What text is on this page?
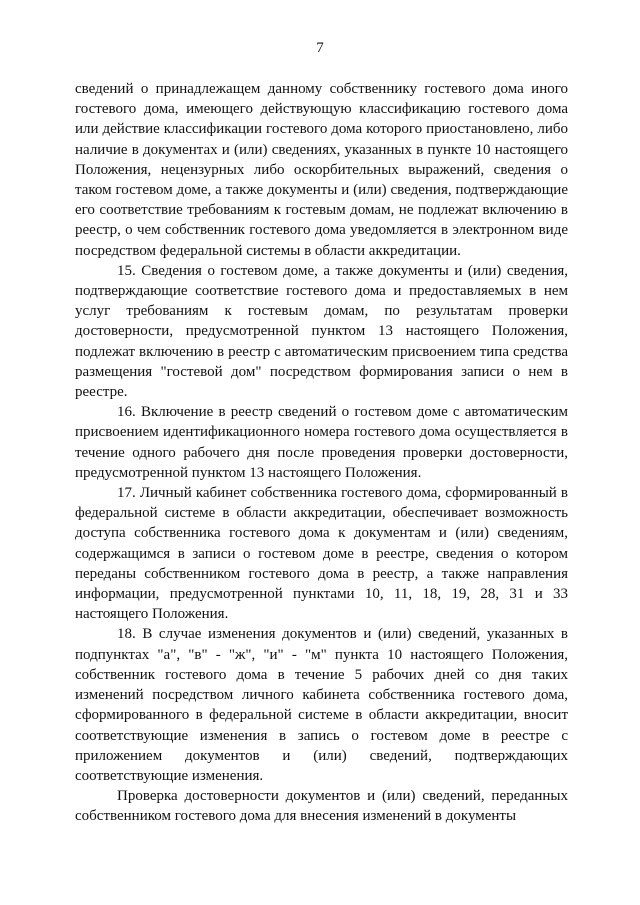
7

сведений о принадлежащем данному собственнику гостевого дома иного гостевого дома, имеющего действующую классификацию гостевого дома или действие классификации гостевого дома которого приостановлено, либо наличие в документах и (или) сведениях, указанных в пункте 10 настоящего Положения, нецензурных либо оскорбительных выражений, сведения о таком гостевом доме, а также документы и (или) сведения, подтверждающие его соответствие требованиям к гостевым домам, не подлежат включению в реестр, о чем собственник гостевого дома уведомляется в электронном виде посредством федеральной системы в области аккредитации.

15. Сведения о гостевом доме, а также документы и (или) сведения, подтверждающие соответствие гостевого дома и предоставляемых в нем услуг требованиям к гостевым домам, по результатам проверки достоверности, предусмотренной пунктом 13 настоящего Положения, подлежат включению в реестр с автоматическим присвоением типа средства размещения "гостевой дом" посредством формирования записи о нем в реестре.

16. Включение в реестр сведений о гостевом доме с автоматическим присвоением идентификационного номера гостевого дома осуществляется в течение одного рабочего дня после проведения проверки достоверности, предусмотренной пунктом 13 настоящего Положения.

17. Личный кабинет собственника гостевого дома, сформированный в федеральной системе в области аккредитации, обеспечивает возможность доступа собственника гостевого дома к документам и (или) сведениям, содержащимся в записи о гостевом доме в реестре, сведения о котором переданы собственником гостевого дома в реестр, а также направления информации, предусмотренной пунктами 10, 11, 18, 19, 28, 31 и 33 настоящего Положения.

18. В случае изменения документов и (или) сведений, указанных в подпунктах "а", "в" - "ж", "и" - "м" пункта 10 настоящего Положения, собственник гостевого дома в течение 5 рабочих дней со дня таких изменений посредством личного кабинета собственника гостевого дома, сформированного в федеральной системе в области аккредитации, вносит соответствующие изменения в запись о гостевом доме в реестре с приложением документов и (или) сведений, подтверждающих соответствующие изменения.

Проверка достоверности документов и (или) сведений, переданных собственником гостевого дома для внесения изменений в документы
